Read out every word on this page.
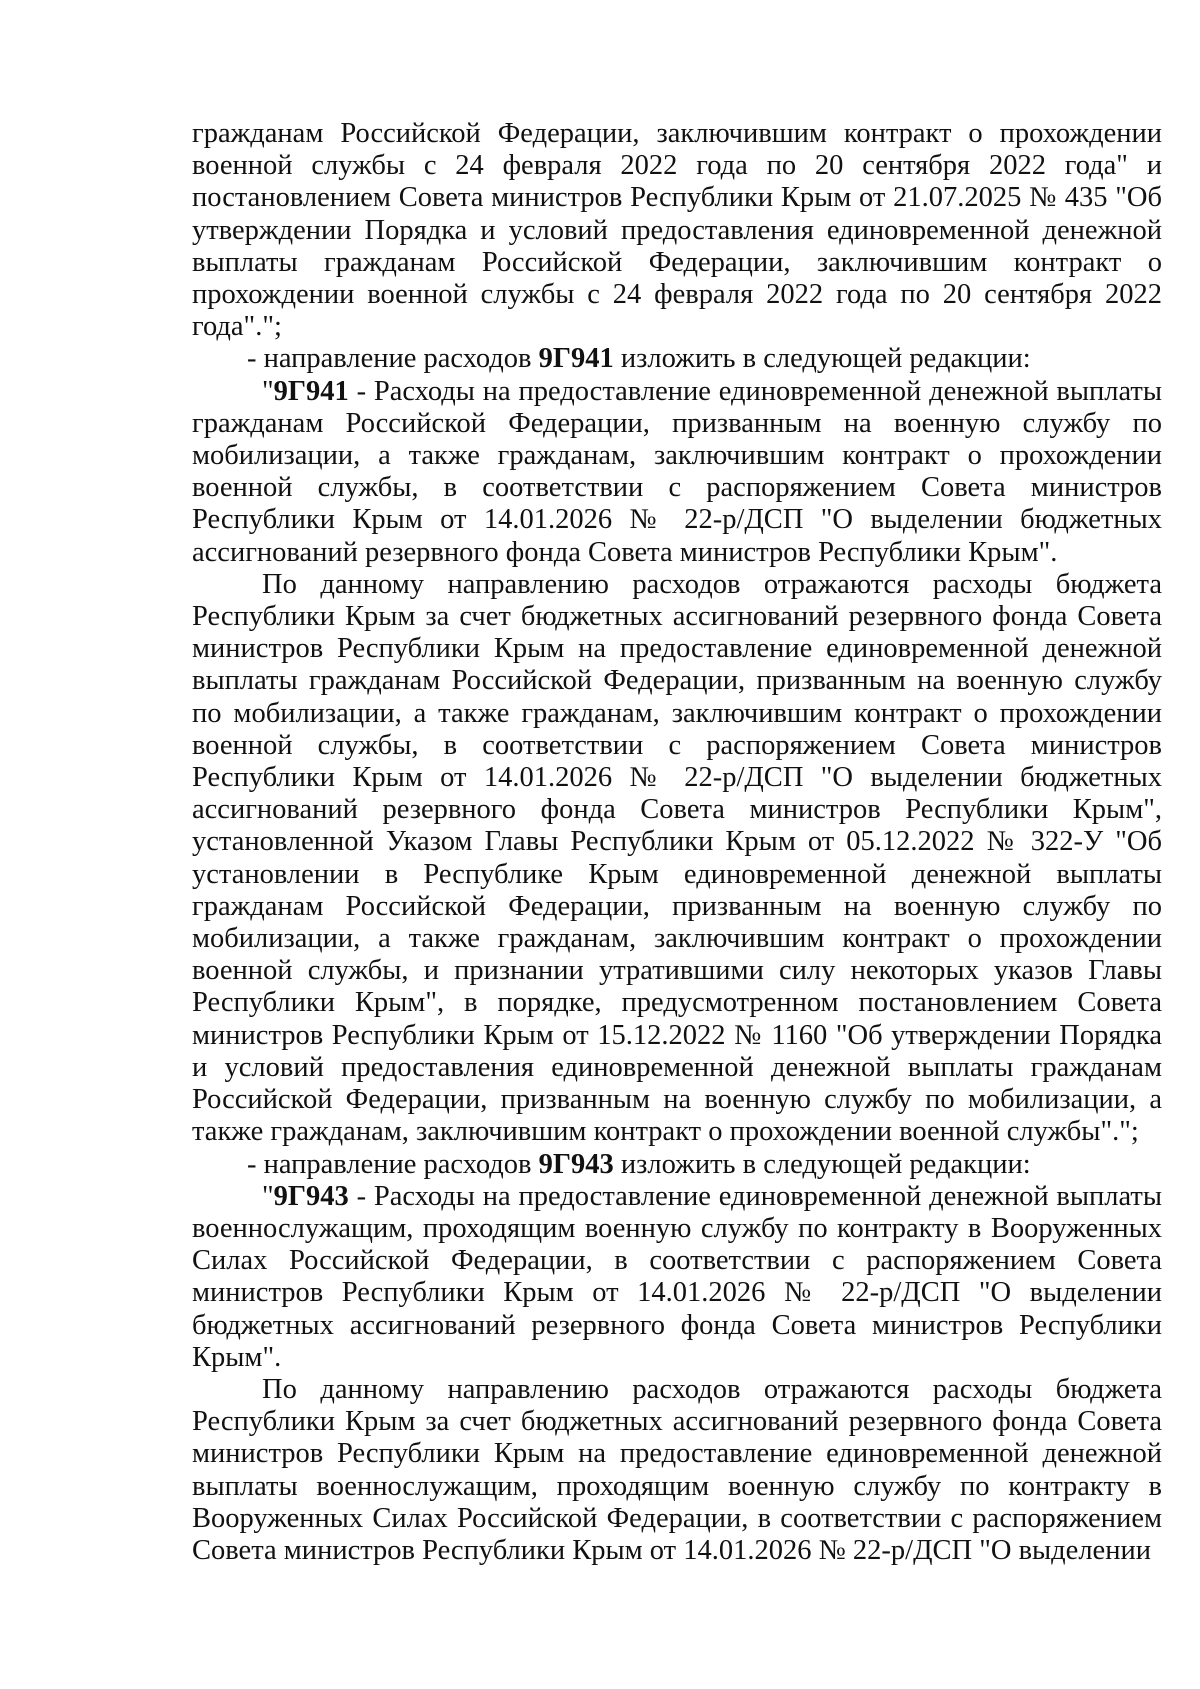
гражданам Российской Федерации, заключившим контракт о прохождении военной службы с 24 февраля 2022 года по 20 сентября 2022 года" и постановлением Совета министров Республики Крым от 21.07.2025 № 435 "Об утверждении Порядка и условий предоставления единовременной денежной выплаты гражданам Российской Федерации, заключившим контракт о прохождении военной службы с 24 февраля 2022 года по 20 сентября 2022 года".";

- направление расходов 9Г941 изложить в следующей редакции:

"9Г941 - Расходы на предоставление единовременной денежной выплаты гражданам Российской Федерации, призванным на военную службу по мобилизации, а также гражданам, заключившим контракт о прохождении военной службы, в соответствии с распоряжением Совета министров Республики Крым от 14.01.2026 № 22-р/ДСП "О выделении бюджетных ассигнований резервного фонда Совета министров Республики Крым".

По данному направлению расходов отражаются расходы бюджета Республики Крым за счет бюджетных ассигнований резервного фонда Совета министров Республики Крым на предоставление единовременной денежной выплаты гражданам Российской Федерации, призванным на военную службу по мобилизации, а также гражданам, заключившим контракт о прохождении военной службы, в соответствии с распоряжением Совета министров Республики Крым от 14.01.2026 № 22-р/ДСП "О выделении бюджетных ассигнований резервного фонда Совета министров Республики Крым", установленной Указом Главы Республики Крым от 05.12.2022 № 322-У "Об установлении в Республике Крым единовременной денежной выплаты гражданам Российской Федерации, призванным на военную службу по мобилизации, а также гражданам, заключившим контракт о прохождении военной службы, и признании утратившими силу некоторых указов Главы Республики Крым", в порядке, предусмотренном постановлением Совета министров Республики Крым от 15.12.2022 № 1160 "Об утверждении Порядка и условий предоставления единовременной денежной выплаты гражданам Российской Федерации, призванным на военную службу по мобилизации, а также гражданам, заключившим контракт о прохождении военной службы".";

- направление расходов 9Г943 изложить в следующей редакции:

"9Г943 - Расходы на предоставление единовременной денежной выплаты военнослужащим, проходящим военную службу по контракту в Вооруженных Силах Российской Федерации, в соответствии с распоряжением Совета министров Республики Крым от 14.01.2026 № 22-р/ДСП "О выделении бюджетных ассигнований резервного фонда Совета министров Республики Крым".

По данному направлению расходов отражаются расходы бюджета Республики Крым за счет бюджетных ассигнований резервного фонда Совета министров Республики Крым на предоставление единовременной денежной выплаты военнослужащим, проходящим военную службу по контракту в Вооруженных Силах Российской Федерации, в соответствии с распоряжением Совета министров Республики Крым от 14.01.2026 № 22-р/ДСП "О выделении
